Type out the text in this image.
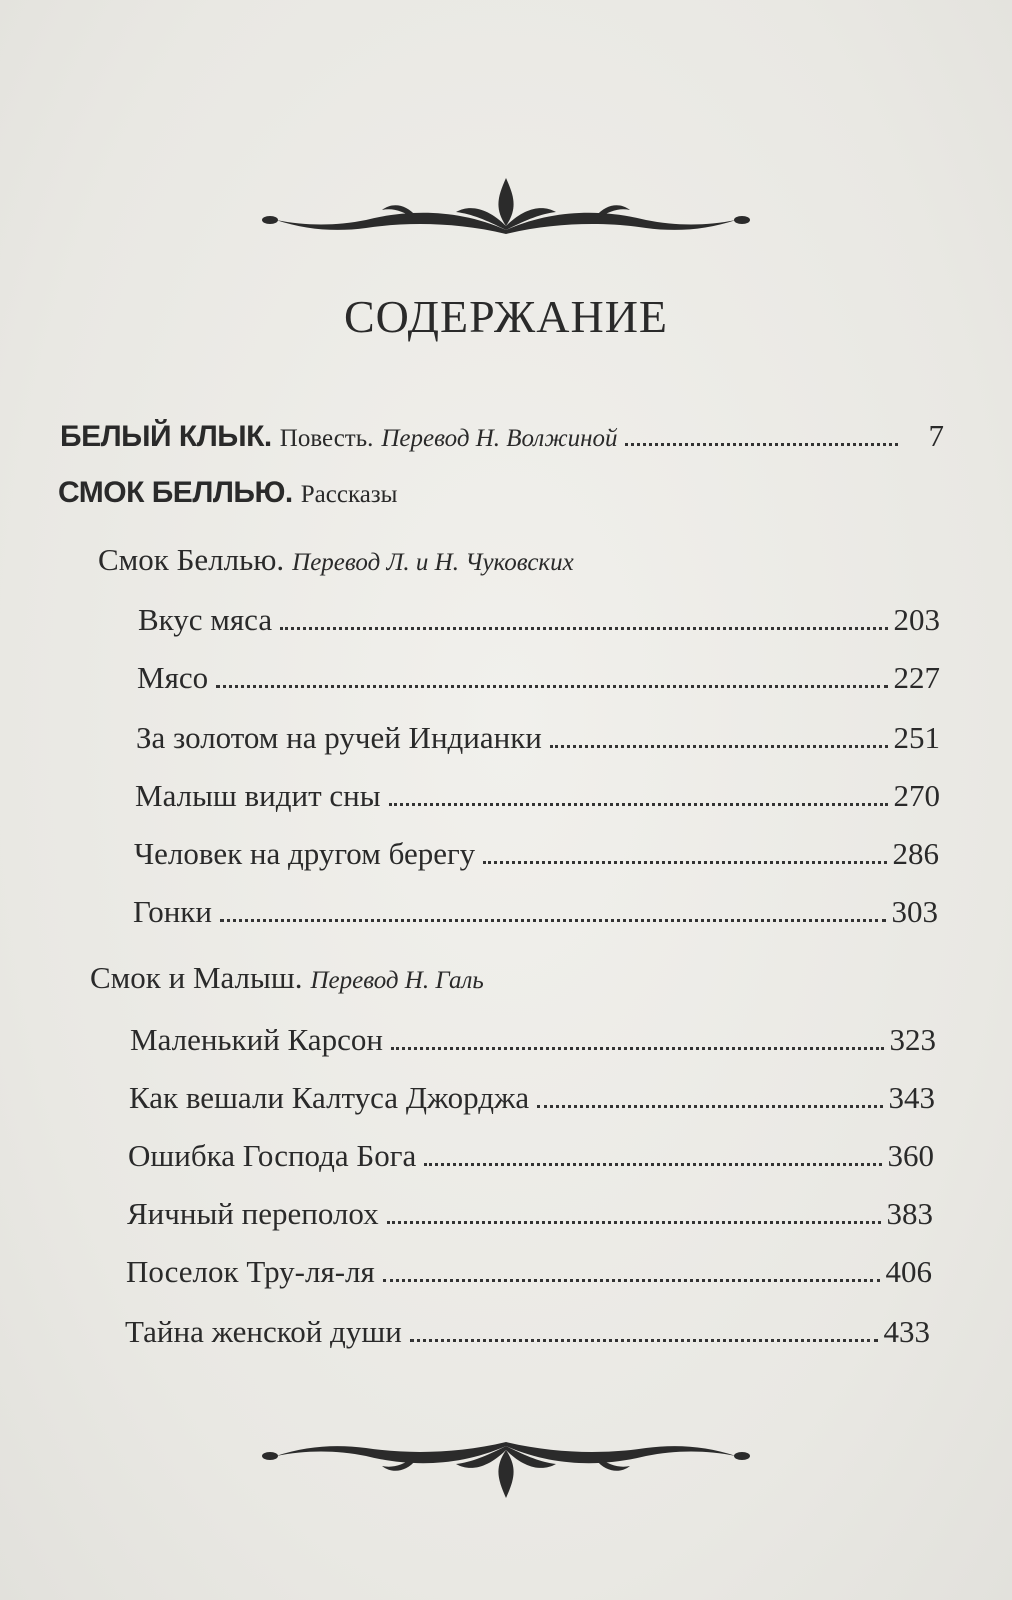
СОДЕРЖАНИЕ
БЕЛЫЙ КЛЫК. Повесть. Перевод Н. Волжиной	7
СМОК БЕЛЛЬЮ. Рассказы
Смок Беллью. Перевод Л. и Н. Чуковских
Вкус мяса	203
Мясо	227
За золотом на ручей Индианки	251
Малыш видит сны	270
Человек на другом берегу	286
Гонки	303
Смок и Малыш. Перевод Н. Галь
Маленький Карсон	323
Как вешали Калтуса Джорджа	343
Ошибка Господа Бога	360
Яичный переполох	383
Поселок Тру-ля-ля	406
Тайна женской души	433
